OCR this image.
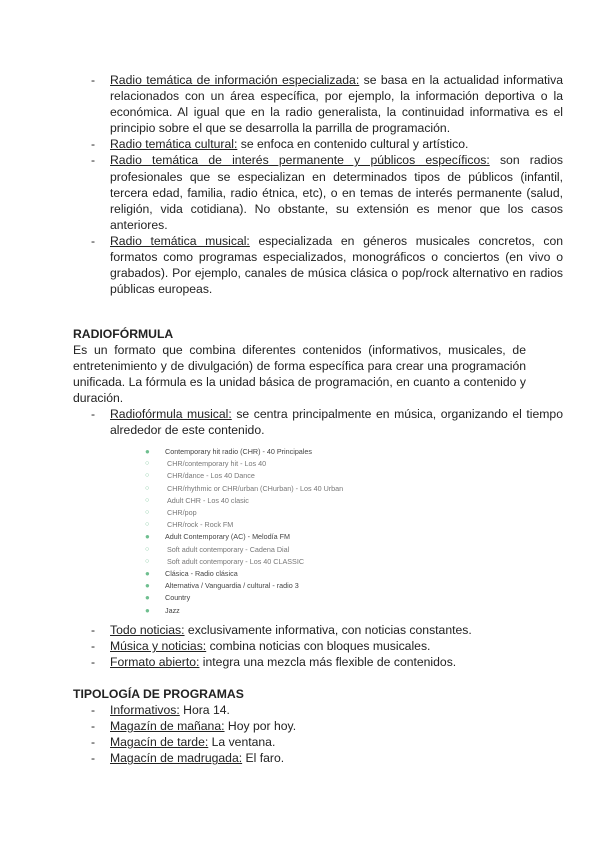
- Radio temática de información especializada: se basa en la actualidad informativa relacionados con un área específica, por ejemplo, la información deportiva o la económica. Al igual que en la radio generalista, la continuidad informativa es el principio sobre el que se desarrolla la parrilla de programación.
- Radio temática cultural: se enfoca en contenido cultural y artístico.
- Radio temática de interés permanente y públicos específicos: son radios profesionales que se especializan en determinados tipos de públicos (infantil, tercera edad, familia, radio étnica, etc), o en temas de interés permanente (salud, religión, vida cotidiana). No obstante, su extensión es menor que los casos anteriores.
- Radio temática musical: especializada en géneros musicales concretos, con formatos como programas especializados, monográficos o conciertos (en vivo o grabados). Por ejemplo, canales de música clásica o pop/rock alternativo en radios públicas europeas.
RADIOFÓRMULA
Es un formato que combina diferentes contenidos (informativos, musicales, de entretenimiento y de divulgación) de forma específica para crear una programación unificada. La fórmula es la unidad básica de programación, en cuanto a contenido y duración.
- Radiofórmula musical: se centra principalmente en música, organizando el tiempo alrededor de este contenido.
● Contemporary hit radio (CHR) - 40 Principales
○ CHR/contemporary hit - Los 40
○ CHR/dance - Los 40 Dance
○ CHR/rhythmic or CHR/urban (CHurban) - Los 40 Urban
○ Adult CHR - Los 40 clasic
○ CHR/pop
○ CHR/rock - Rock FM
● Adult Contemporary (AC) - Melodía FM
○ Soft adult contemporary - Cadena Dial
○ Soft adult contemporary - Los 40 CLASSIC
● Clásica - Radio clásica
● Alternativa / Vanguardia / cultural - radio 3
● Country
● Jazz
- Todo noticias: exclusivamente informativa, con noticias constantes.
- Música y noticias: combina noticias con bloques musicales.
- Formato abierto: integra una mezcla más flexible de contenidos.
TIPOLOGÍA DE PROGRAMAS
- Informativos: Hora 14.
- Magazín de mañana: Hoy por hoy.
- Magacín de tarde: La ventana.
- Magacín de madrugada: El faro.
